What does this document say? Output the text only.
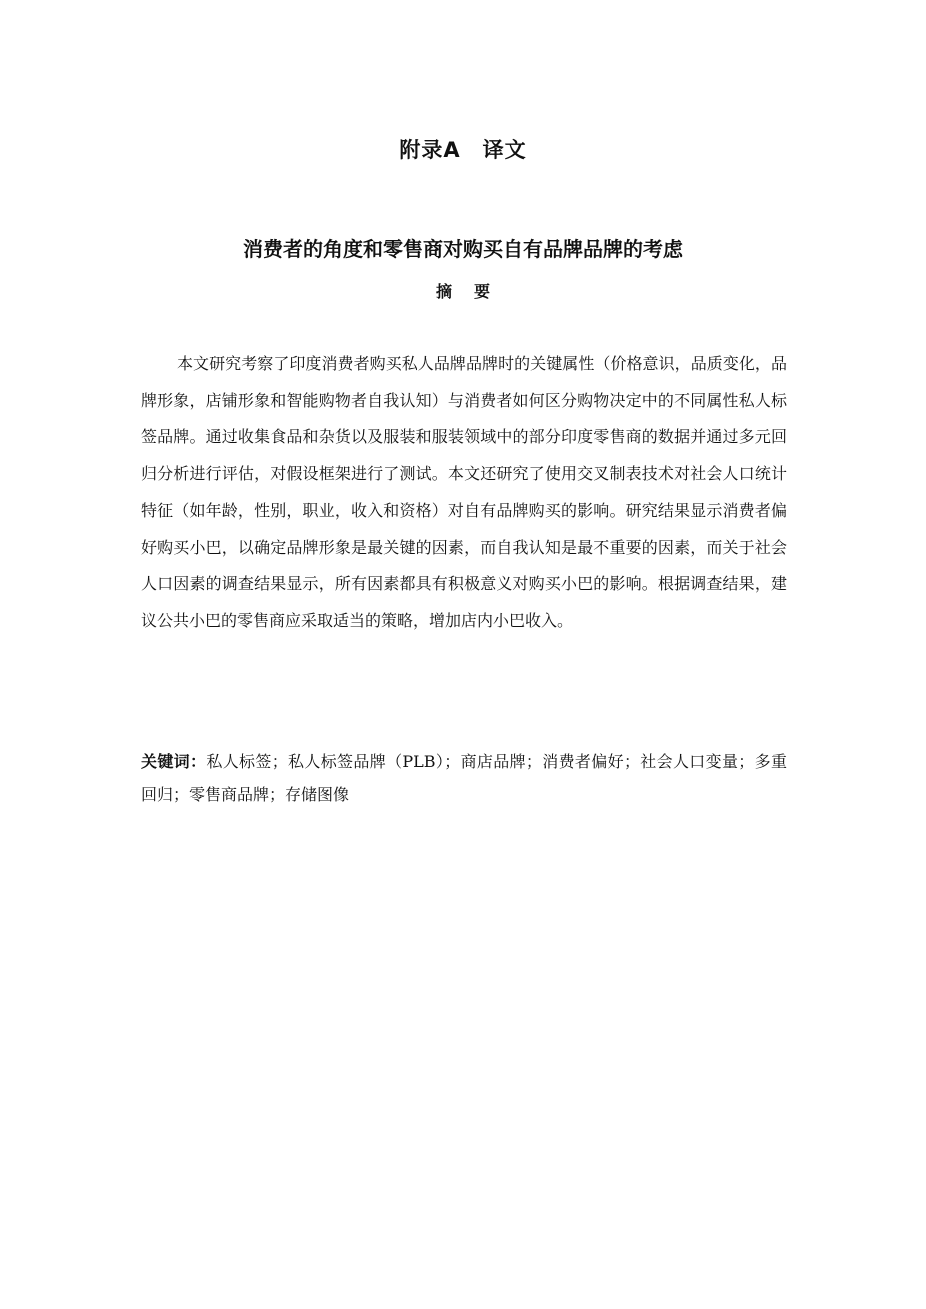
附录A　译文
消费者的角度和零售商对购买自有品牌品牌的考虑
摘要

本文研究考察了印度消费者购买私人品牌品牌时的关键属性（价格意识，品质变化，品牌形象，店铺形象和智能购物者自我认知）与消费者如何区分购物决定中的不同属性私人标签品牌。通过收集食品和杂货以及服装和服装领域中的部分印度零售商的数据并通过多元回归分析进行评估，对假设框架进行了测试。本文还研究了使用交叉制表技术对社会人口统计特征（如年龄，性别，职业，收入和资格）对自有品牌购买的影响。研究结果显示消费者偏好购买小巴，以确定品牌形象是最关键的因素，而自我认知是最不重要的因素，而关于社会人口因素的调查结果显示，所有因素都具有积极意义对购买小巴的影响。根据调查结果，建议公共小巴的零售商应采取适当的策略，增加店内小巴收入。

关键词：私人标签；私人标签品牌（PLB）；商店品牌；消费者偏好；社会人口变量；多重回归；零售商品牌；存储图像
